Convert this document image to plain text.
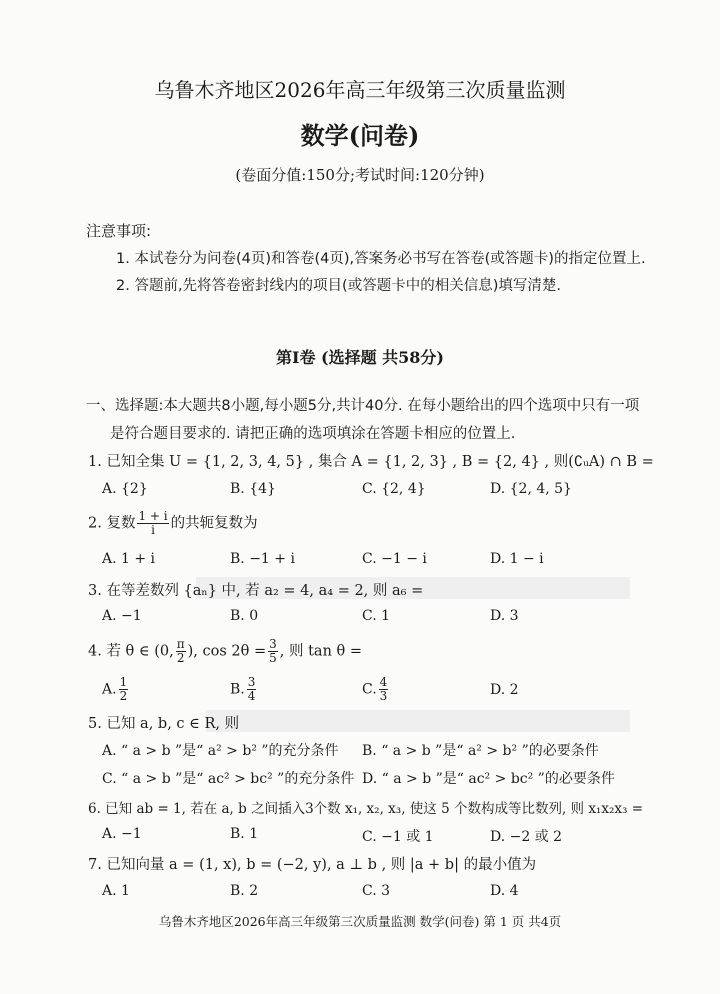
乌鲁木齐地区2026年高三年级第三次质量监测
数学(问卷)
(卷面分值:150分;考试时间:120分钟)
注意事项:
1. 本试卷分为问卷(4页)和答卷(4页),答案务必书写在答卷(或答题卡)的指定位置上.
2. 答题前,先将答卷密封线内的项目(或答题卡中的相关信息)填写清楚.
第Ⅰ卷 (选择题 共58分)
一、选择题:本大题共8小题,每小题5分,共计40分. 在每小题给出的四个选项中只有一项
是符合题目要求的. 请把正确的选项填涂在答题卡相应的位置上.
1. 已知全集 U = {1, 2, 3, 4, 5} , 集合 A = {1, 2, 3} , B = {2, 4} , 则(∁ᵤA) ∩ B =
A. {2}	B. {4}	C. {2, 4}	D. {2, 4, 5}
2. 复数 $\frac{1 + i}{i}$ 的共轭复数为
A. 1 + i	B. −1 + i	C. −1 − i	D. 1 − i
3. 在等差数列 {aₙ} 中, 若 a₂ = 4, a₄ = 2, 则 a₆ =
A. −1	B. 0	C. 1	D. 3
4. 若 θ ∈ (0, $\frac{\pi}{2}$ ), $\cos 2\theta = \frac{3}{5}$ , 则 tan θ =
A. $\frac{1}{2}$	B. $\frac{3}{4}$	C. $\frac{4}{3}$	D. 2
5. 已知 a, b, c ∈ R, 则
A. “ a > b ”是“ a² > b² ”的充分条件 B. “ a > b ”是“ a² > b² ”的必要条件
C. “ a > b ”是“ ac² > bc² ”的充分条件 D. “ a > b ”是“ ac² > bc² ”的必要条件
6. 已知 ab = 1, 若在 a, b 之间插入3个数 x₁, x₂, x₃, 使这 5 个数构成等比数列, 则 x₁x₂x₃ =
A. −1	B. 1	C. −1 或 1	D. −2 或 2
7. 已知向量 a = (1, x), b = (−2, y), a ⊥ b , 则 |a + b| 的最小值为
A. 1	B. 2	C. 3	D. 4
乌鲁木齐地区2026年高三年级第三次质量监测 数学(问卷) 第 1 页 共4页
